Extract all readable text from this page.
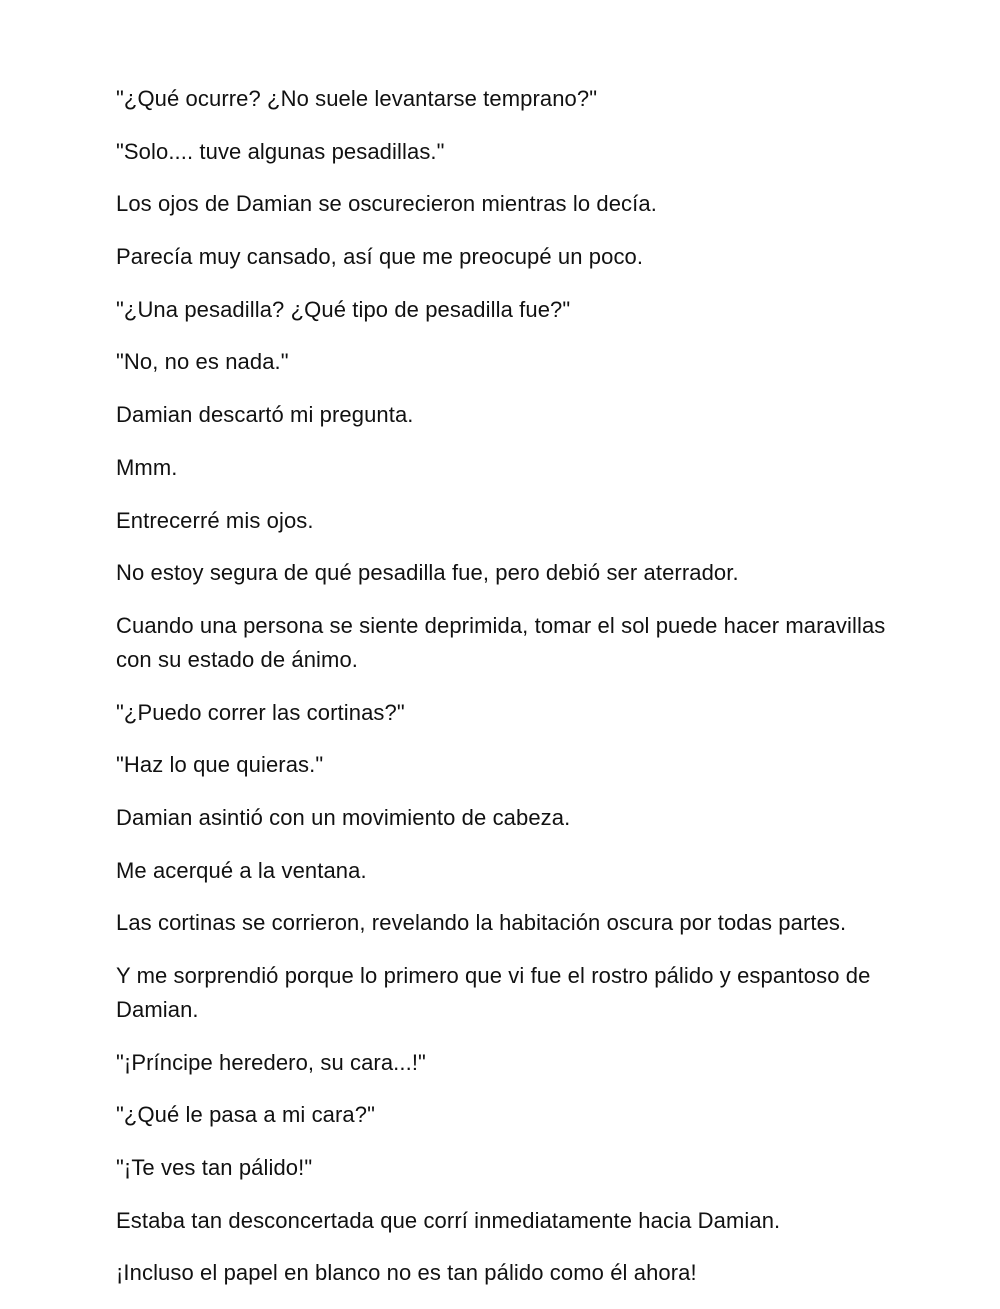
"¿Qué ocurre? ¿No suele levantarse temprano?"

"Solo.... tuve algunas pesadillas."

Los ojos de Damian se oscurecieron mientras lo decía.

Parecía muy cansado, así que me preocupé un poco.

"¿Una pesadilla? ¿Qué tipo de pesadilla fue?"

"No, no es nada."

Damian descartó mi pregunta.

Mmm.

Entrecerré mis ojos.

No estoy segura de qué pesadilla fue, pero debió ser aterrador.

Cuando una persona se siente deprimida, tomar el sol puede hacer maravillas con su estado de ánimo.

"¿Puedo correr las cortinas?"

"Haz lo que quieras."

Damian asintió con un movimiento de cabeza.

Me acerqué a la ventana.

Las cortinas se corrieron, revelando la habitación oscura por todas partes.

Y me sorprendió porque lo primero que vi fue el rostro pálido y espantoso de Damian.

"¡Príncipe heredero, su cara...!"

"¿Qué le pasa a mi cara?"

"¡Te ves tan pálido!"

Estaba tan desconcertada que corrí inmediatamente hacia Damian.

¡Incluso el papel en blanco no es tan pálido como él ahora!
